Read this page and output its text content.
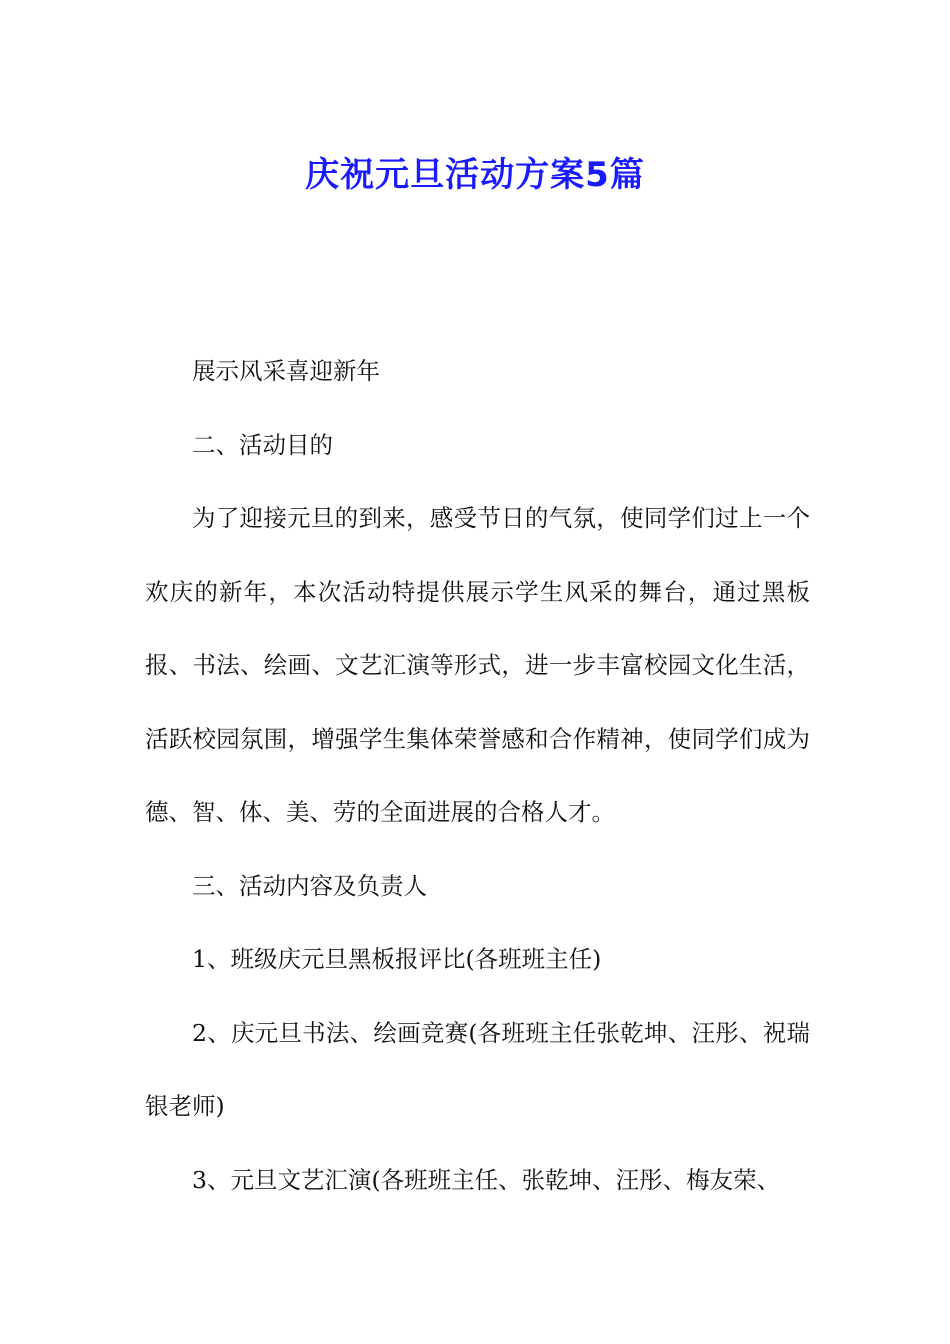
庆祝元旦活动方案5篇

展示风采喜迎新年

二、活动目的

为了迎接元旦的到来，感受节日的气氛，使同学们过上一个欢庆的新年，本次活动特提供展示学生风采的舞台，通过黑板报、书法、绘画、文艺汇演等形式，进一步丰富校园文化生活，活跃校园氛围，增强学生集体荣誉感和合作精神，使同学们成为德、智、体、美、劳的全面进展的合格人才。

三、活动内容及负责人

1、班级庆元旦黑板报评比(各班班主任)

2、庆元旦书法、绘画竞赛(各班班主任张乾坤、汪彤、祝瑞银老师)

3、元旦文艺汇演(各班班主任、张乾坤、汪彤、梅友荣、
